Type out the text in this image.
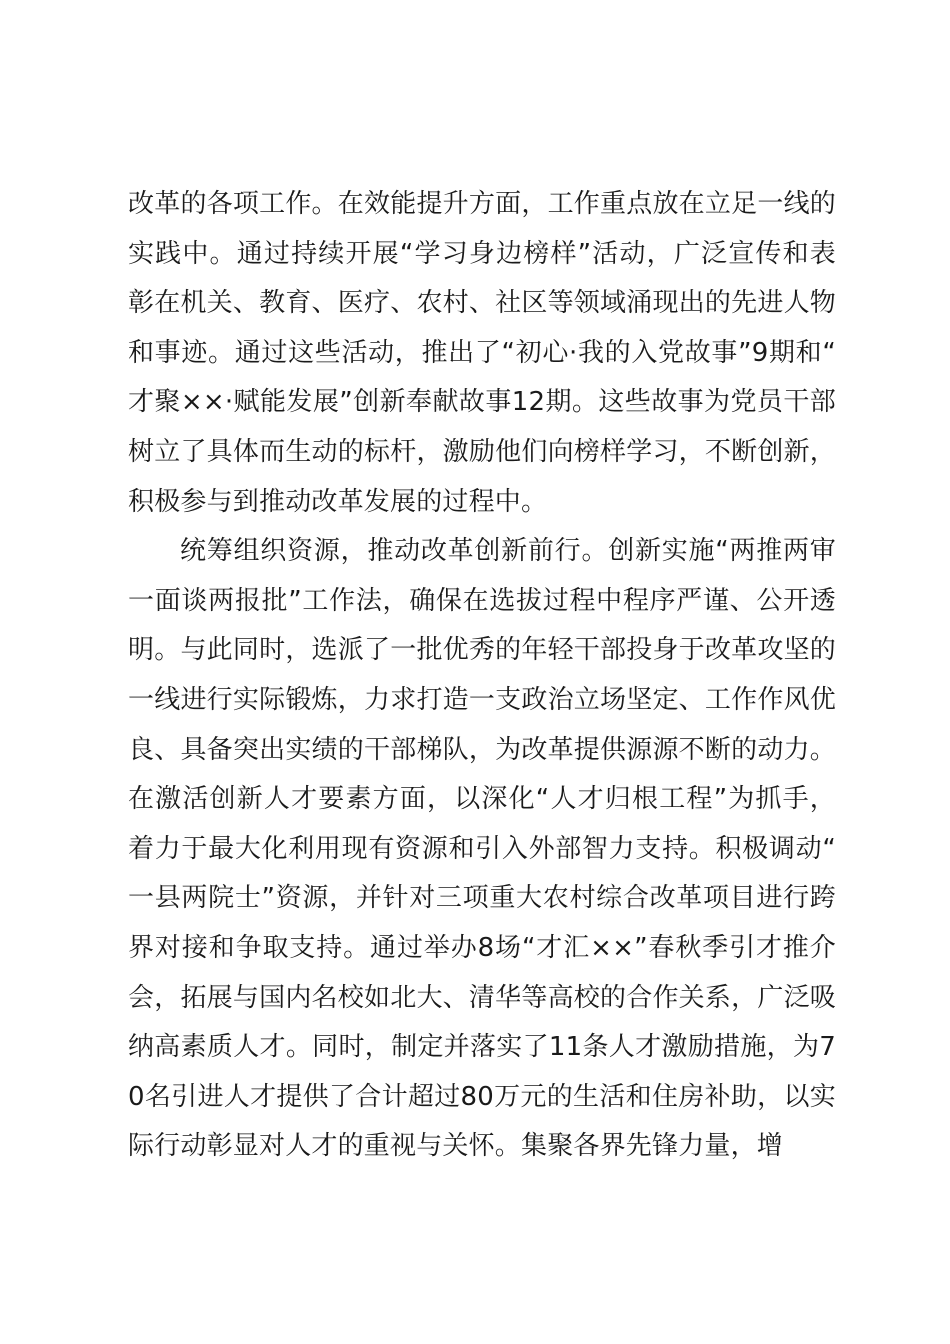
改革的各项工作。在效能提升方面，工作重点放在立足一线的实践中。通过持续开展“学习身边榜样”活动，广泛宣传和表彰在机关、教育、医疗、农村、社区等领域涌现出的先进人物和事迹。通过这些活动，推出了“初心·我的入党故事”9期和“才聚××·赋能发展”创新奉献故事12期。这些故事为党员干部树立了具体而生动的标杆，激励他们向榜样学习，不断创新，积极参与到推动改革发展的过程中。

统筹组织资源，推动改革创新前行。创新实施“两推两审一面谈两报批”工作法，确保在选拔过程中程序严谨、公开透明。与此同时，选派了一批优秀的年轻干部投身于改革攻坚的一线进行实际锻炼，力求打造一支政治立场坚定、工作作风优良、具备突出实绩的干部梯队，为改革提供源源不断的动力。在激活创新人才要素方面，以深化“人才归根工程”为抓手，着力于最大化利用现有资源和引入外部智力支持。积极调动“一县两院士”资源，并针对三项重大农村综合改革项目进行跨界对接和争取支持。通过举办8场“才汇××”春秋季引才推介会，拓展与国内名校如北大、清华等高校的合作关系，广泛吸纳高素质人才。同时，制定并落实了11条人才激励措施，为70名引进人才提供了合计超过80万元的生活和住房补助，以实际行动彰显对人才的重视与关怀。集聚各界先锋力量，增
